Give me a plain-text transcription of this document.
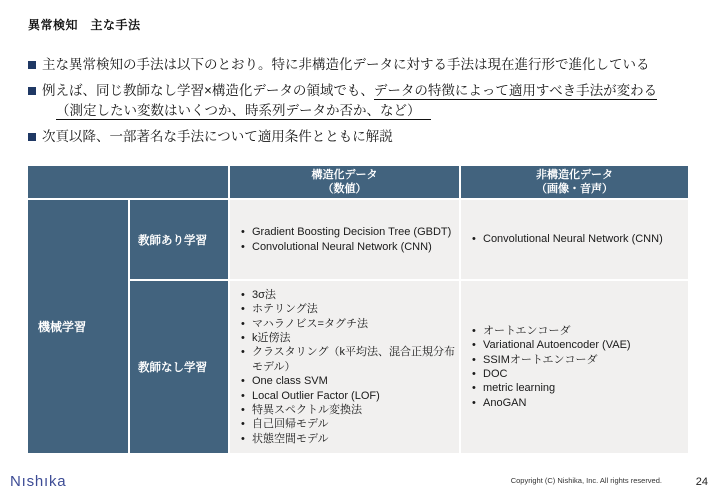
異常検知　主な手法
主な異常検知の手法は以下のとおり。特に非構造化データに対する手法は現在進行形で進化している
例えば、同じ教師なし学習×構造化データの領域でも、データの特徴によって適用すべき手法が変わる
（測定したい変数はいくつか、時系列データか否か、など）
次頁以降、一部著名な手法について適用条件とともに解説
構造化データ
（数値）
非構造化データ
（画像・音声）
機械学習
教師あり学習
• Gradient Boosting Decision Tree (GBDT)
• Convolutional Neural Network (CNN)
• Convolutional Neural Network (CNN)
教師なし学習
• 3σ法
• ホテリング法
• マハラノビス=タグチ法
• k近傍法
• クラスタリング（k平均法、混合正規分布モデル）
• One class SVM
• Local Outlier Factor (LOF)
• 特異スペクトル変換法
• 自己回帰モデル
• 状態空間モデル
• オートエンコーダ
• Variational Autoencoder (VAE)
• SSIMオートエンコーダ
• DOC
• metric learning
• AnoGAN
Nıshıka	Copyright (C) Nishika, Inc. All rights reserved.	24
